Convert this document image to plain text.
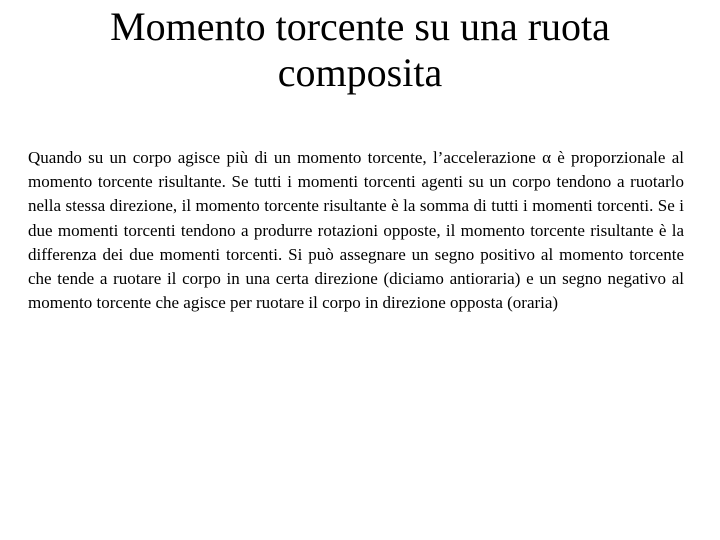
Momento torcente su una ruota
composita

Quando su un corpo agisce più di un momento torcente, l’accelerazione α è proporzionale al momento torcente risultante. Se tutti i momenti torcenti agenti su un corpo tendono a ruotarlo nella stessa direzione, il momento torcente risultante è la somma di tutti i momenti torcenti. Se i due momenti torcenti tendono a produrre rotazioni opposte, il momento torcente risultante è la differenza dei due momenti torcenti. Si può assegnare un segno positivo al momento torcente che tende a ruotare il corpo in una certa direzione (diciamo antioraria) e un segno negativo al momento torcente che agisce per ruotare il corpo in direzione opposta (oraria)
